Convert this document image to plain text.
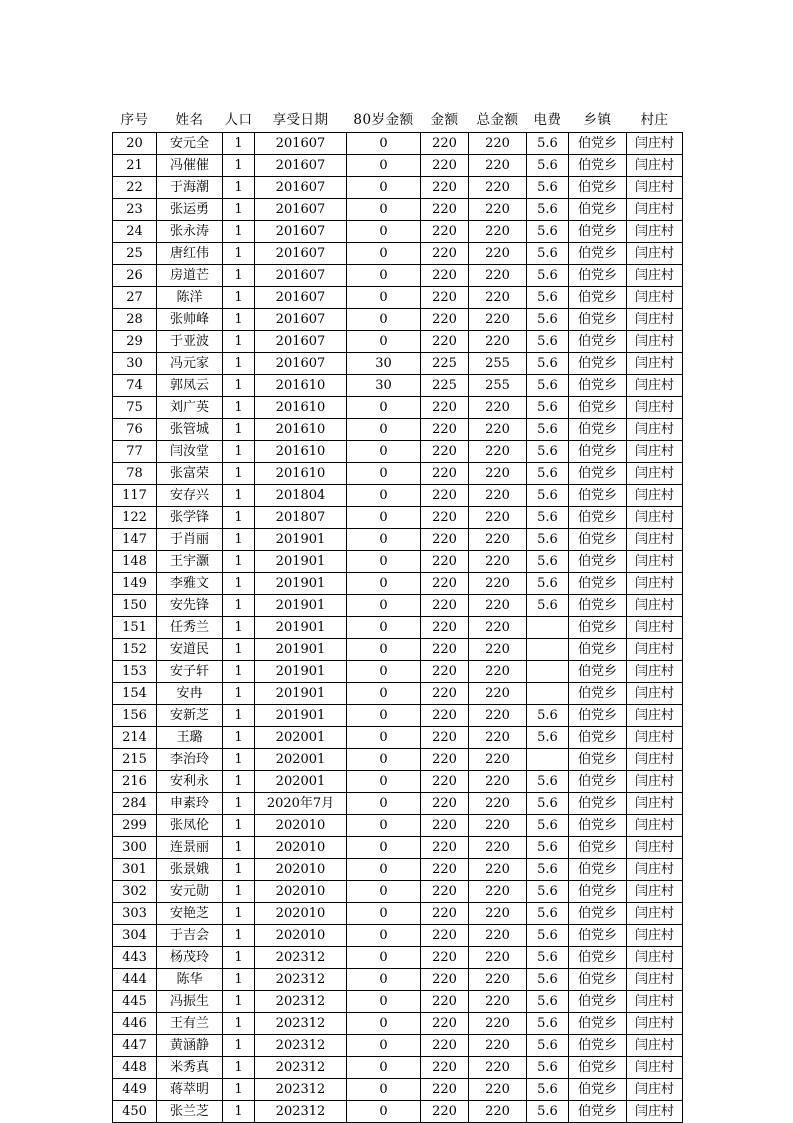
序号	姓名	人口	享受日期	80岁金额	金额	总金额	电费	乡镇	村庄
20	安元全	1	201607	0	220	220	5.6	伯党乡	闫庄村
21	冯催催	1	201607	0	220	220	5.6	伯党乡	闫庄村
22	于海潮	1	201607	0	220	220	5.6	伯党乡	闫庄村
23	张运勇	1	201607	0	220	220	5.6	伯党乡	闫庄村
24	张永涛	1	201607	0	220	220	5.6	伯党乡	闫庄村
25	唐红伟	1	201607	0	220	220	5.6	伯党乡	闫庄村
26	房道芒	1	201607	0	220	220	5.6	伯党乡	闫庄村
27	陈洋	1	201607	0	220	220	5.6	伯党乡	闫庄村
28	张帅峰	1	201607	0	220	220	5.6	伯党乡	闫庄村
29	于亚波	1	201607	0	220	220	5.6	伯党乡	闫庄村
30	冯元家	1	201607	30	225	255	5.6	伯党乡	闫庄村
74	郭凤云	1	201610	30	225	255	5.6	伯党乡	闫庄村
75	刘广英	1	201610	0	220	220	5.6	伯党乡	闫庄村
76	张管城	1	201610	0	220	220	5.6	伯党乡	闫庄村
77	闫汝堂	1	201610	0	220	220	5.6	伯党乡	闫庄村
78	张富荣	1	201610	0	220	220	5.6	伯党乡	闫庄村
117	安存兴	1	201804	0	220	220	5.6	伯党乡	闫庄村
122	张学锋	1	201807	0	220	220	5.6	伯党乡	闫庄村
147	于肖丽	1	201901	0	220	220	5.6	伯党乡	闫庄村
148	王宇灏	1	201901	0	220	220	5.6	伯党乡	闫庄村
149	李雅文	1	201901	0	220	220	5.6	伯党乡	闫庄村
150	安先锋	1	201901	0	220	220	5.6	伯党乡	闫庄村
151	任秀兰	1	201901	0	220	220		伯党乡	闫庄村
152	安道民	1	201901	0	220	220		伯党乡	闫庄村
153	安子轩	1	201901	0	220	220		伯党乡	闫庄村
154	安冉	1	201901	0	220	220		伯党乡	闫庄村
156	安新芝	1	201901	0	220	220	5.6	伯党乡	闫庄村
214	王璐	1	202001	0	220	220	5.6	伯党乡	闫庄村
215	李治玲	1	202001	0	220	220		伯党乡	闫庄村
216	安利永	1	202001	0	220	220	5.6	伯党乡	闫庄村
284	申素玲	1	2020年7月	0	220	220	5.6	伯党乡	闫庄村
299	张凤伦	1	202010	0	220	220	5.6	伯党乡	闫庄村
300	连景丽	1	202010	0	220	220	5.6	伯党乡	闫庄村
301	张景娥	1	202010	0	220	220	5.6	伯党乡	闫庄村
302	安元勋	1	202010	0	220	220	5.6	伯党乡	闫庄村
303	安艳芝	1	202010	0	220	220	5.6	伯党乡	闫庄村
304	于吉会	1	202010	0	220	220	5.6	伯党乡	闫庄村
443	杨茂玲	1	202312	0	220	220	5.6	伯党乡	闫庄村
444	陈华	1	202312	0	220	220	5.6	伯党乡	闫庄村
445	冯振生	1	202312	0	220	220	5.6	伯党乡	闫庄村
446	王有兰	1	202312	0	220	220	5.6	伯党乡	闫庄村
447	黄涵静	1	202312	0	220	220	5.6	伯党乡	闫庄村
448	米秀真	1	202312	0	220	220	5.6	伯党乡	闫庄村
449	蒋萃明	1	202312	0	220	220	5.6	伯党乡	闫庄村
450	张兰芝	1	202312	0	220	220	5.6	伯党乡	闫庄村
